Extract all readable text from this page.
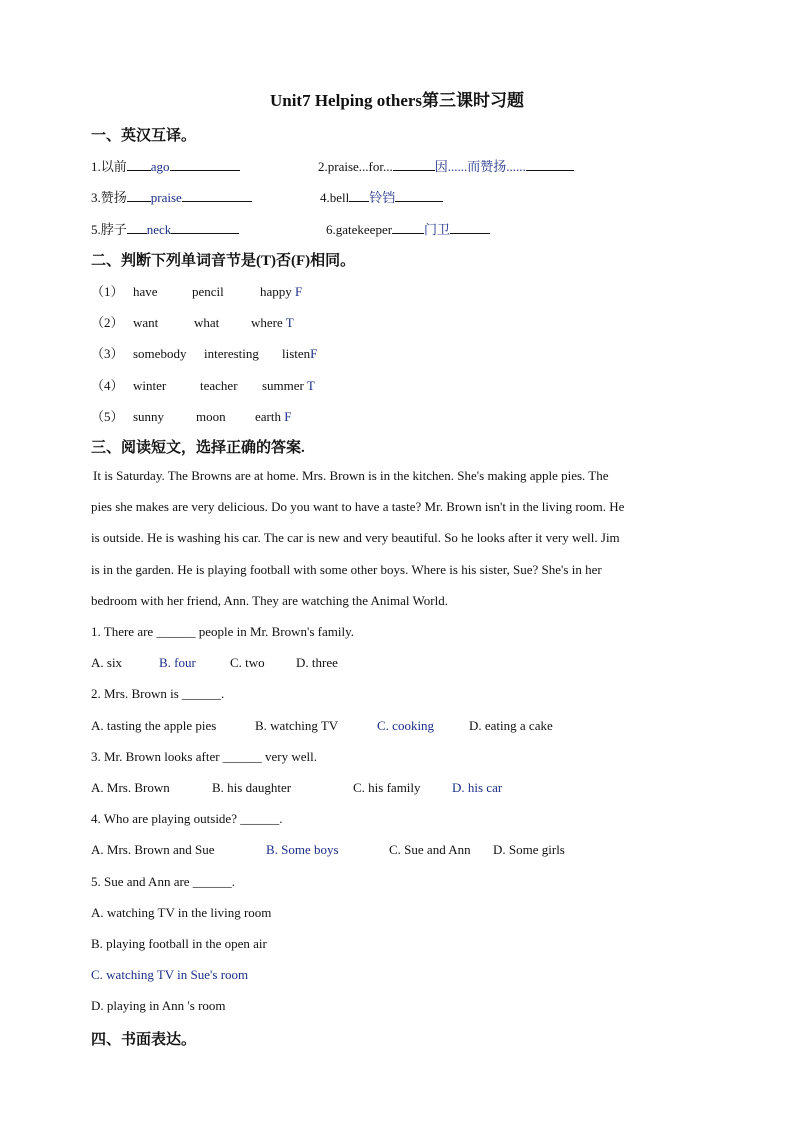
Unit7 Helping others第三课时习题
一、英汉互译。
1.以前 ago	2.praise...for...	因......而赞扬......
3.赞扬 praise	4.bell 铃铛
5.脖子 neck	6.gatekeeper 门卫
二、判断下列单词音节是(T)否(F)相同。
（1） have	pencil	happy F
（2） want	what where T
（3） somebody interesting listenF
（4） winter	teacher summer T
（5） sunny moon earth F
三、阅读短文，选择正确的答案.
It is Saturday. The Browns are at home. Mrs. Brown is in the kitchen. She's making apple pies. The
pies she makes are very delicious. Do you want to have a taste? Mr. Brown isn't in the living room. He
is outside. He is washing his car. The car is new and very beautiful. So he looks after it very well. Jim
is in the garden. He is playing football with some other boys. Where is his sister, Sue? She's in her
bedroom with her friend, Ann. They are watching the Animal World.
1. There are ______ people in Mr. Brown's family.
A. six	B. four	C. two D. three
2. Mrs. Brown is ______.
A. tasting the apple pies	B. watching TV	C. cooking	D. eating a cake
3. Mr. Brown looks after ______ very well.
A. Mrs. Brown	B. his daughter	C. his family D. his car
4. Who are playing outside? ______.
A. Mrs. Brown and Sue	B. Some boys	C. Sue and Ann D. Some girls
5. Sue and Ann are ______.
A. watching TV in the living room
B. playing football in the open air
C. watching TV in Sue's room
D. playing in Ann 's room
四、书面表达。
